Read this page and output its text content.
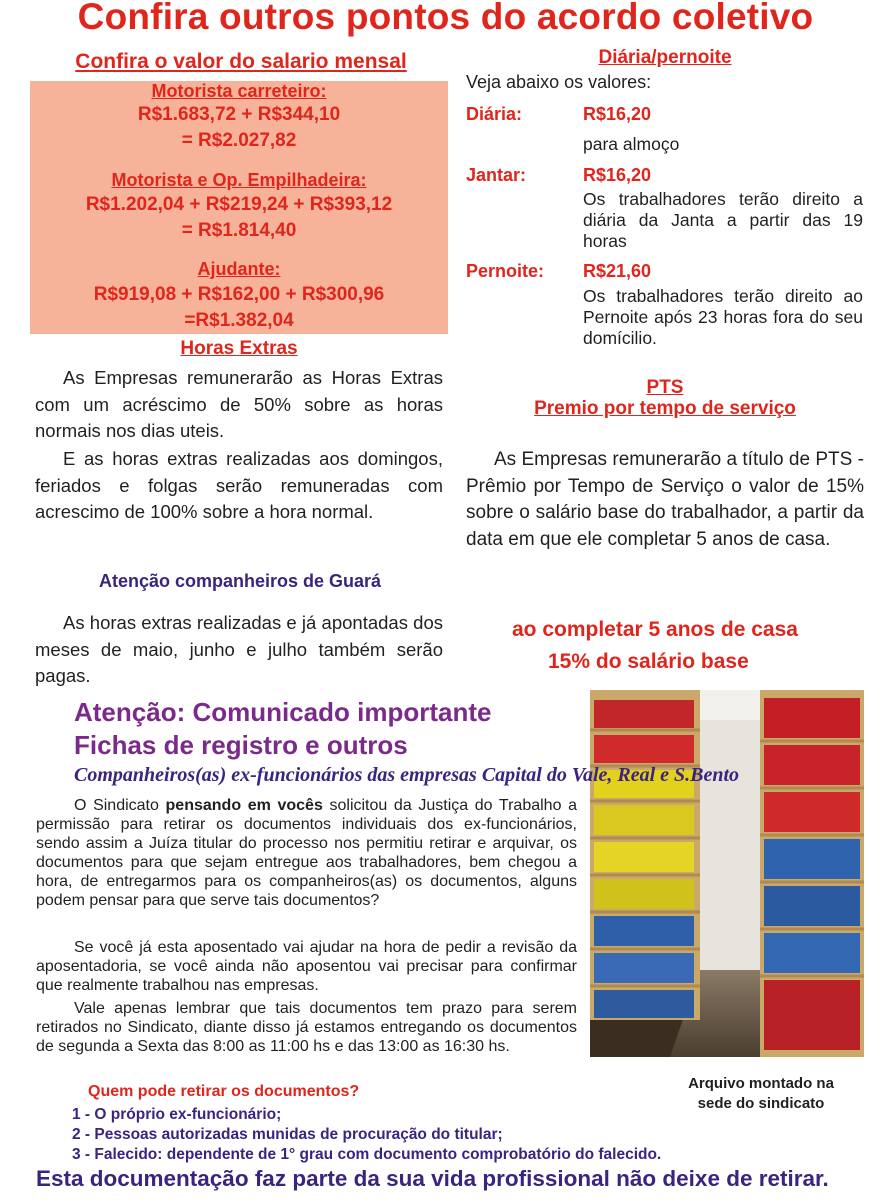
Confira outros pontos do acordo coletivo
Confira o valor do salario mensal
Motorista carreteiro:
R$1.683,72 + R$344,10
= R$2.027,82
Motorista e Op. Empilhadeira:
R$1.202,04 + R$219,24 + R$393,12
= R$1.814,40
Ajudante:
R$919,08 + R$162,00 + R$300,96
=R$1.382,04
Horas Extras
As Empresas remunerarão as Horas Extras com um acréscimo de 50% sobre as horas normais nos dias uteis.
E as horas extras realizadas aos domingos, feriados e folgas serão remuneradas com acrescimo de 100% sobre a hora normal.
Atenção companheiros de Guará
As horas extras realizadas e já apontadas dos meses de maio, junho e julho também serão pagas.
Diária/pernoite
Veja abaixo os valores:
Diária:	R$16,20
para almoço
Jantar:	R$16,20
Os trabalhadores terão direito a diária da Janta a partir das 19 horas
Pernoite: R$21,60
Os trabalhadores terão direito ao Pernoite após 23 horas fora do seu domícilio.
PTS
Premio por tempo de serviço
As Empresas remunerarão a título de PTS - Prêmio por Tempo de Serviço o valor de 15% sobre o salário base do trabalhador, a partir da data em que ele completar 5 anos de casa.
ao completar 5 anos de casa
15% do salário base
Arquivo montado na
sede do sindicato
Atenção: Comunicado importante
Fichas de registro e outros
Companheiros(as) ex-funcionários das empresas Capital do Vale, Real e S.Bento
O Sindicato pensando em vocês solicitou da Justiça do Trabalho a permissão para retirar os documentos individuais dos ex-funcionários, sendo assim a Juíza titular do processo nos permitiu retirar e arquivar, os documentos para que sejam entregue aos trabalhadores, bem chegou a hora, de entregarmos para os companheiros(as) os documentos, alguns podem pensar para que serve tais documentos?
Se você já esta aposentado vai ajudar na hora de pedir a revisão da aposentadoria, se você ainda não aposentou vai precisar para confirmar que realmente trabalhou nas empresas.
Vale apenas lembrar que tais documentos tem prazo para serem retirados no Sindicato, diante disso já estamos entregando os documentos de segunda a Sexta das 8:00 as 11:00 hs e das 13:00 as 16:30 hs.
Quem pode retirar os documentos?
1 - O próprio ex-funcionário;
2 - Pessoas autorizadas munidas de procuração do titular;
3 - Falecido: dependente de 1° grau com documento comprobatório do falecido.
Esta documentação faz parte da sua vida profissional não deixe de retirar.
